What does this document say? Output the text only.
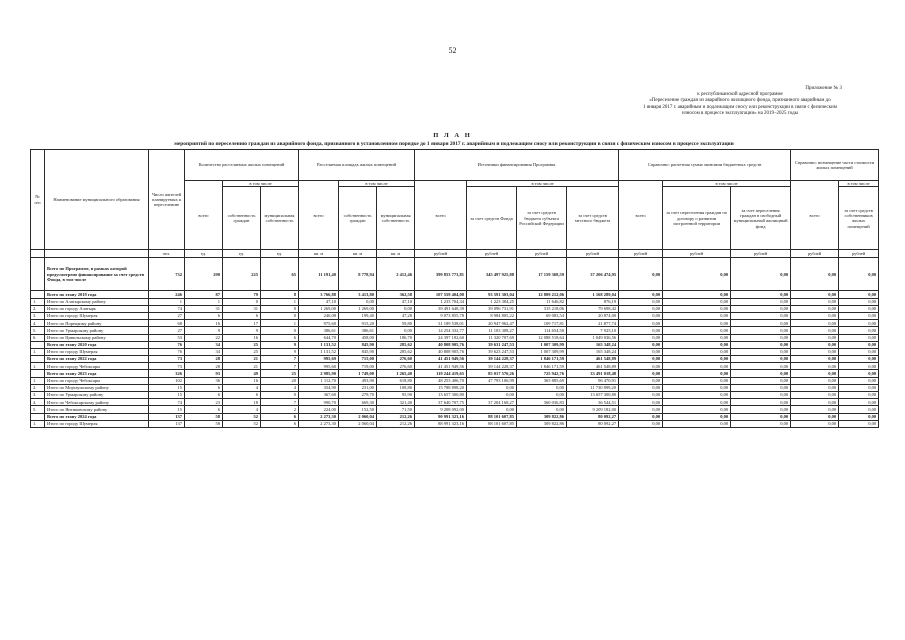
52
Приложение № 3
к республиканской адресной программе
«Переселение граждан из аварийного жилищного фонда, признанного аварийным до
1 января 2017 г. аварийным и подлежащим сносу или реконструкции в связи с физическим
износом в процессе эксплуатации» на 2019–2025 годы
П Л А Н
мероприятий по переселению граждан из аварийного фонда, признанного в установленном порядке до 1 января 2017 г. аварийным и подлежащим сносу или реконструкции в связи с физическим износом в процессе эксплуатации
№ п/п	Наименование муниципального образования	Число жителей планируемых к переселению	Количество расселяемых жилых помещений			Расселяемая площадь жилых помещений			Источники финансирования Программы				Справочно: расчетная сумма экономии бюджетных средств			Справочно: возмещение части стоимости жилых помещений		
			всего	в том числе		всего	в том числе		всего	в том числе			всего	в том числе		всего	в том числе	
				собственность граждан	муниципальная собственность		собственность граждан	муниципальная собственность		за счет средств Фонда	за счет средств бюджета субъекта Российской Федерации	за счет средств местного бюджета		за счет переселения граждан по договору о развитии застроенной территории	за счет переселения граждан в свободный муниципальный жилищный фонд		за счет средств собственников жилых помещений	
		чел.	ед.	ед.	ед.	кв. м	кв. м	кв. м	рублей	рублей	рублей	рублей	рублей	рублей	рублей	рублей	рублей	
	Всего по Программе, в рамках которой предусмотрено финансирование за счет средств Фонда, в том числе	732	290	225	65	11 191,40	8 778,94	2 412,46	399 853 773,81	345 497 925,88	17 159 368,59	37 206 474,95	0,00	0,00	0,00	0,00	0,00	
	Всего по этапу 2019 года	246	87	79	8	3 766,88	3 413,80	362,58	107 559 404,08	93 591 303,04	12 809 212,06	1 168 289,04	0,00	0,00	0,00	0,00	0,00	
1.	Итого по Алатырскому району	1	1	0	1	47,10	0,00	47,10	1 233 704,34	1 223 384,25	11 646,82	876,19	0,00	0,00	0,00	0,00	0,00	
2.	Итого по городу Алатырь	74	31	31	0	1 269,00	1 269,00	0,00	39 491 648,39	39 096 731,91	315 218,06	79 698,42	0,00	0,00	0,00	0,00	0,00	
3.	Итого по городу Шумерля	27	6	6	0	246,08	199,40	47,28	9 073 855,78	8 984 805,22	69 083,54	20 874,00	0,00	0,00	0,00	0,00	0,00	
4.	Итого по Порецкому району	68	16	17	1	975,60	915,20	59,80	31 189 538,01	20 947 962,47	109 717,81	21 877,74	0,00	0,00	0,00	0,00	0,00	
5.	Итого по Урмарскому району	27	9	9	0	386,61	386,61	0,00	14 254 332,77	11 103 308,27	114 654,50	7 925,10	0,00	0,00	0,00	0,00	0,00	
6.	Итого по Цивильскому району	53	22	16	6	644,70	458,00	186,70	24 397 182,60	11 320 707,69	12 088 518,64	1 049 036,56	0,00	0,00	0,00	0,00	0,00	
	Всего по этапу 2020 года	76	34	25	9	1 131,52	845,90	285,62	40 808 905,76	39 631 247,53	1 007 309,99	165 348,24	0,00	0,00	0,00	0,00	0,00	
1.	Итого по городу Шумерля	76	34	25	9	1 131,52	845,90	285,62	40 808 905,76	39 623 247,53	1 007 309,99	165 348,24	0,00	0,00	0,00	0,00	0,00	
	Всего по этапу 2022 года	73	28	21	7	995,69	715,00	276,60	41 451 949,56	39 144 228,37	1 846 171,59	461 548,89	0,00	0,00	0,00	0,00	0,00	
1.	Итого по городу Чебоксары	73	28	21	7	995,60	719,00	276,60	41 451 949,56	39 144 228,37	1 846 171,59	461 548,89	0,00	0,00	0,00	0,00	0,00	
	Всего по этапу 2023 года	326	93	49	25	2 985,90	1 749,00	1 265,40	119 244 419,65	85 017 576,26	725 942,76	33 491 018,48	0,00	0,00	0,00	0,00	0,00	
1.	Итого по городу Чебоксары	102	36	16	20	1 112,70	493,90	618,80	48 253 406,70	47 793 106,99	365 885,69	96 470,91	0,00	0,00	0,00	0,00	0,00	
2.	Итого по Моргаушскому району	15	6	4	4	354,90	231,00	108,80	15 788 898,20	0,00	0,00	11 730 899,20	0,00	0,00	0,00	0,00	0,00	
3.	Итого по Урмарскому району	15	6	6	0	367,60	279,70	95,90	13 657 300,80	0,00	0,00	13 657 300,80	0,00	0,00	0,00	0,00	0,00	
4.	Итого по Чебоксарскому району	74	23	18	7	990,70	669,30	321,40	37 640 707,75	37 204 168,27	360 036,83	36 544,51	0,00	0,00	0,00	0,00	0,00	
5.	Итого по Янтиковскому району	15	6	4	2	224,00	152,50	71,50	9 208 092,00	0,00	0,00	9 209 182,00	0,00	0,00	0,00	0,00	0,00	
	Всего по этапу 2024 года	137	58	52	6	2 273,30	2 060,04	212,26	90 991 323,16	88 101 607,85	309 822,86	80 092,27	0,00	0,00	0,00	0,00	0,00	
1.	Итого по городу Шумерля	137	58	52	6	2 273,30	2 060,04	212,26	88 991 323,16	88 101 607,85	309 822,86	80 092,27	0,00	0,00	0,00	0,00	0,00	
